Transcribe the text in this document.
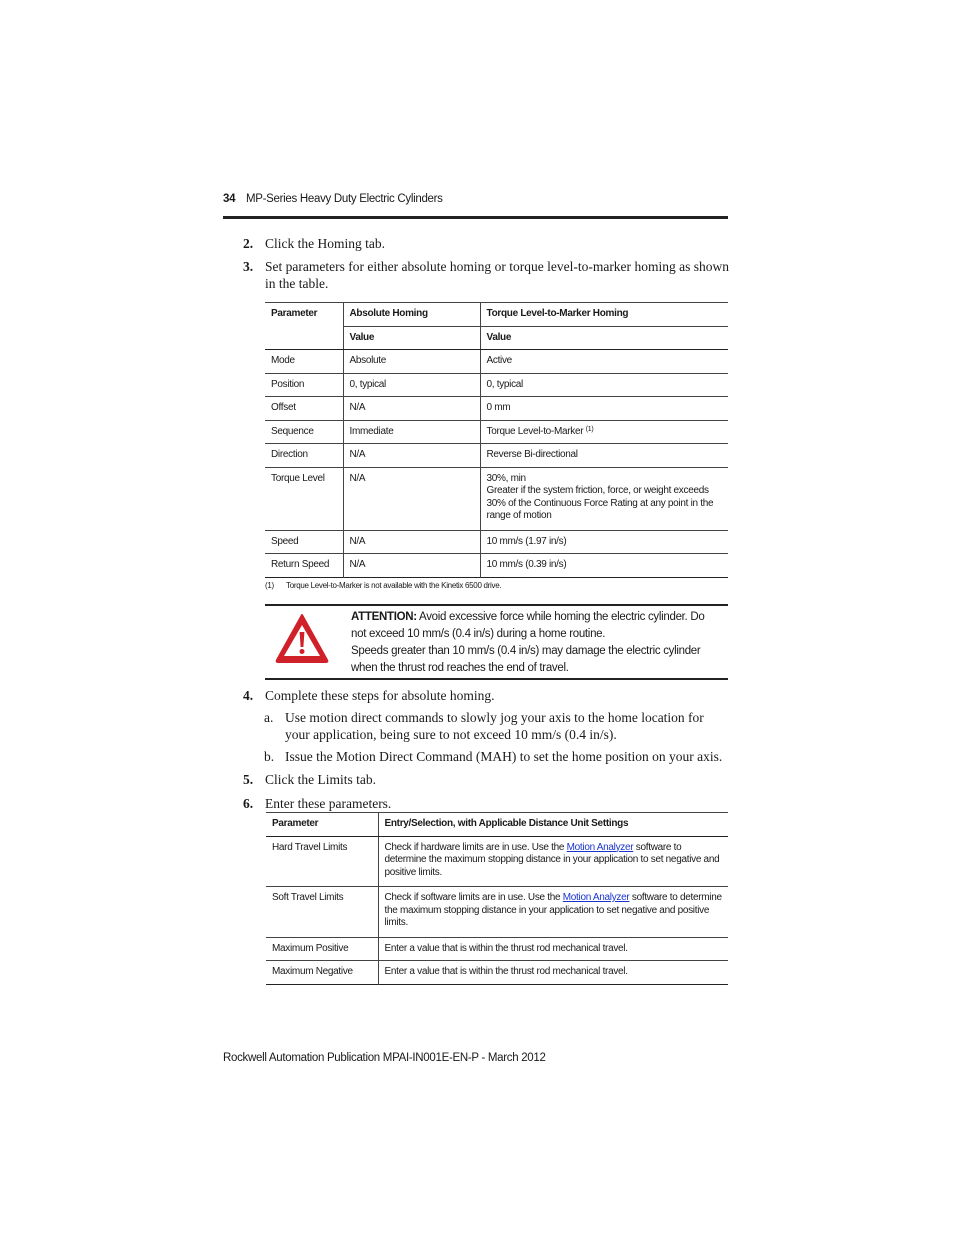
34 MP-Series Heavy Duty Electric Cylinders
2. Click the Homing tab.
3. Set parameters for either absolute homing or torque level-to-marker homing as shown in the table.
Parameter	Absolute Homing	Torque Level-to-Marker Homing
	Value	Value
Mode	Absolute	Active
Position	0, typical	0, typical
Offset	N/A	0 mm
Sequence	Immediate	Torque Level-to-Marker $^{(1)}$
Direction	N/A	Reverse Bi-directional
Torque Level	N/A	30%, min
Greater if the system friction, force, or weight exceeds 30% of the Continuous Force Rating at any point in the range of motion

Speed	N/A	10 mm/s (1.97 in/s)
Return Speed	N/A	10 mm/s (0.39 in/s)
(1) Torque Level-to-Marker is not available with the Kinetix 6500 drive.
ATTENTION: Avoid excessive force while homing the electric cylinder. Do not exceed 10 mm/s (0.4 in/s) during a home routine.
Speeds greater than 10 mm/s (0.4 in/s) may damage the electric cylinder when the thrust rod reaches the end of travel.
4. Complete these steps for absolute homing.
a. Use motion direct commands to slowly jog your axis to the home location for your application, being sure to not exceed 10 mm/s (0.4 in/s).
b. Issue the Motion Direct Command (MAH) to set the home position on your axis.
5. Click the Limits tab.
6. Enter these parameters.
Parameter	Entry/Selection, with Applicable Distance Unit Settings
Hard Travel Limits	Check if hardware limits are in use. Use the Motion Analyzer software to determine the maximum stopping distance in your application to set negative and positive limits.
Soft Travel Limits	Check if software limits are in use. Use the Motion Analyzer software to determine the maximum stopping distance in your application to set negative and positive limits.
Maximum Positive	Enter a value that is within the thrust rod mechanical travel.
Maximum Negative	Enter a value that is within the thrust rod mechanical travel.
Rockwell Automation Publication MPAI-IN001E-EN-P - March 2012
